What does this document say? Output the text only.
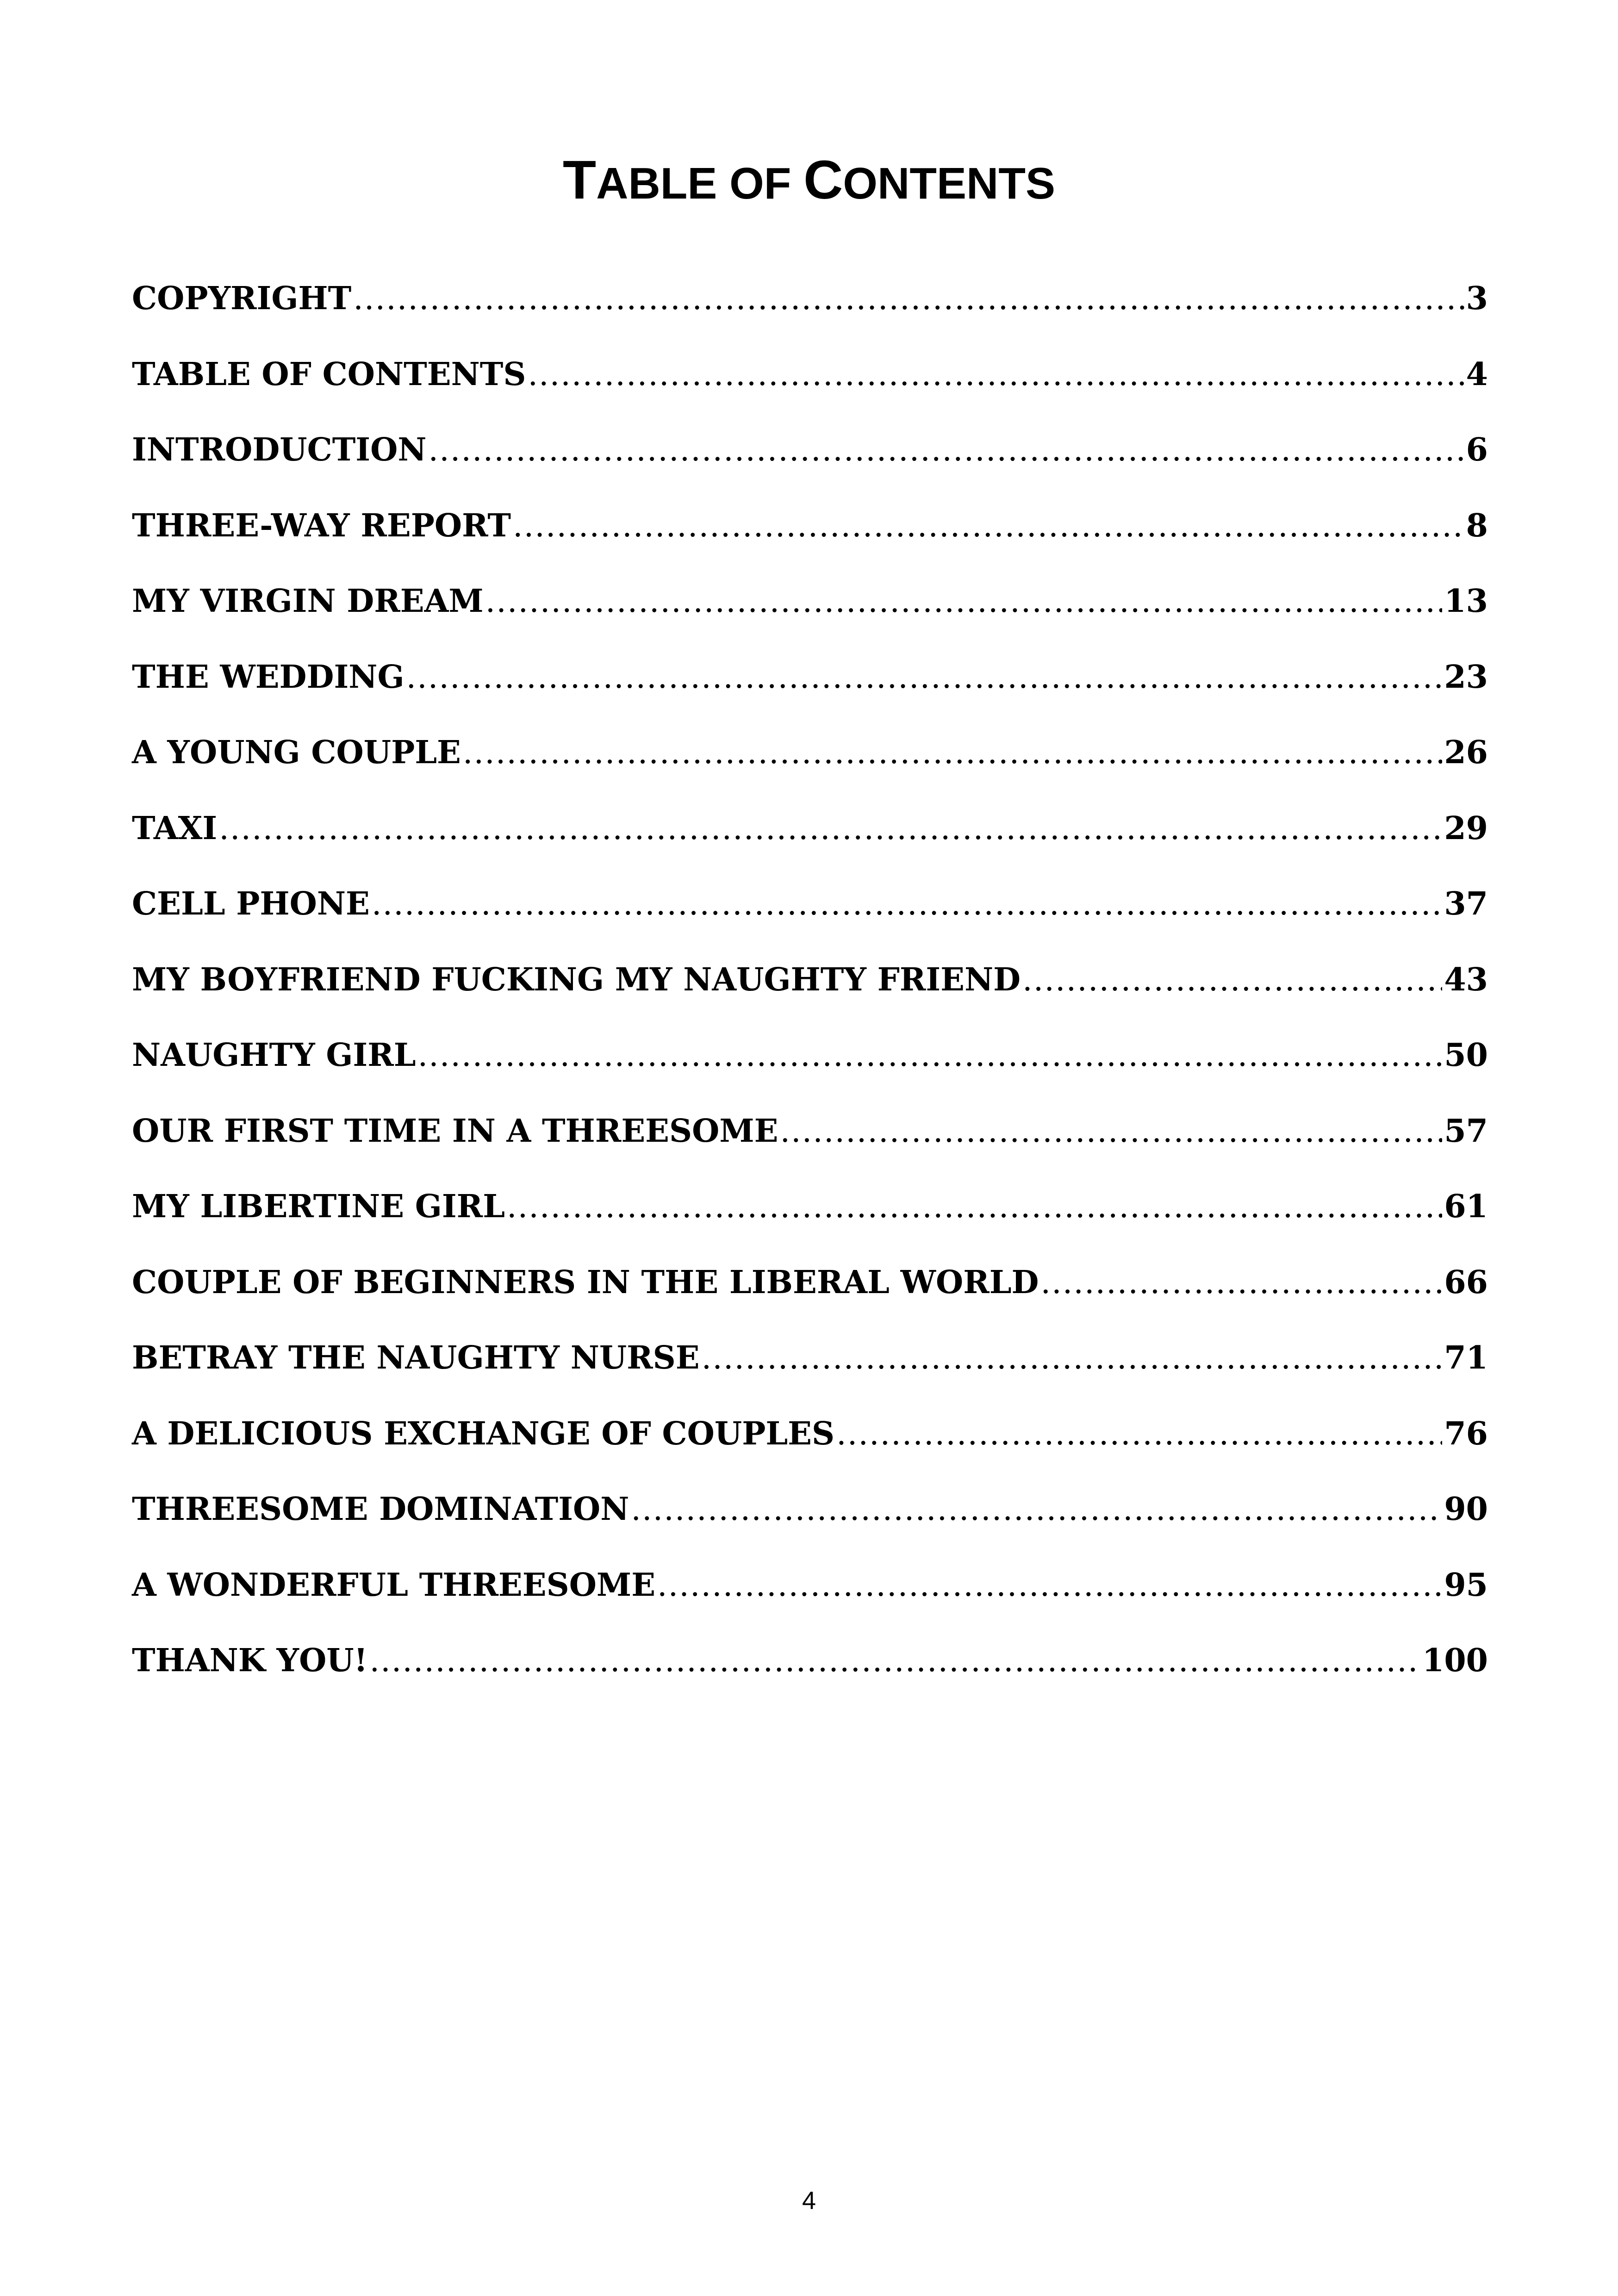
TABLE OF CONTENTS
COPYRIGHT .....	3
TABLE OF CONTENTS .....	4
INTRODUCTION .....	6
THREE-WAY REPORT .....	8
MY VIRGIN DREAM .....	13
THE WEDDING .....	23
A YOUNG COUPLE .....	26
TAXI .....	29
CELL PHONE .....	37
MY BOYFRIEND FUCKING MY NAUGHTY FRIEND .....	43
NAUGHTY GIRL .....	50
OUR FIRST TIME IN A THREESOME .....	57
MY LIBERTINE GIRL .....	61
COUPLE OF BEGINNERS IN THE LIBERAL WORLD .....	66
BETRAY THE NAUGHTY NURSE .....	71
A DELICIOUS EXCHANGE OF COUPLES .....	76
THREESOME DOMINATION .....	90
A WONDERFUL THREESOME .....	95
THANK YOU! .....	100
4
